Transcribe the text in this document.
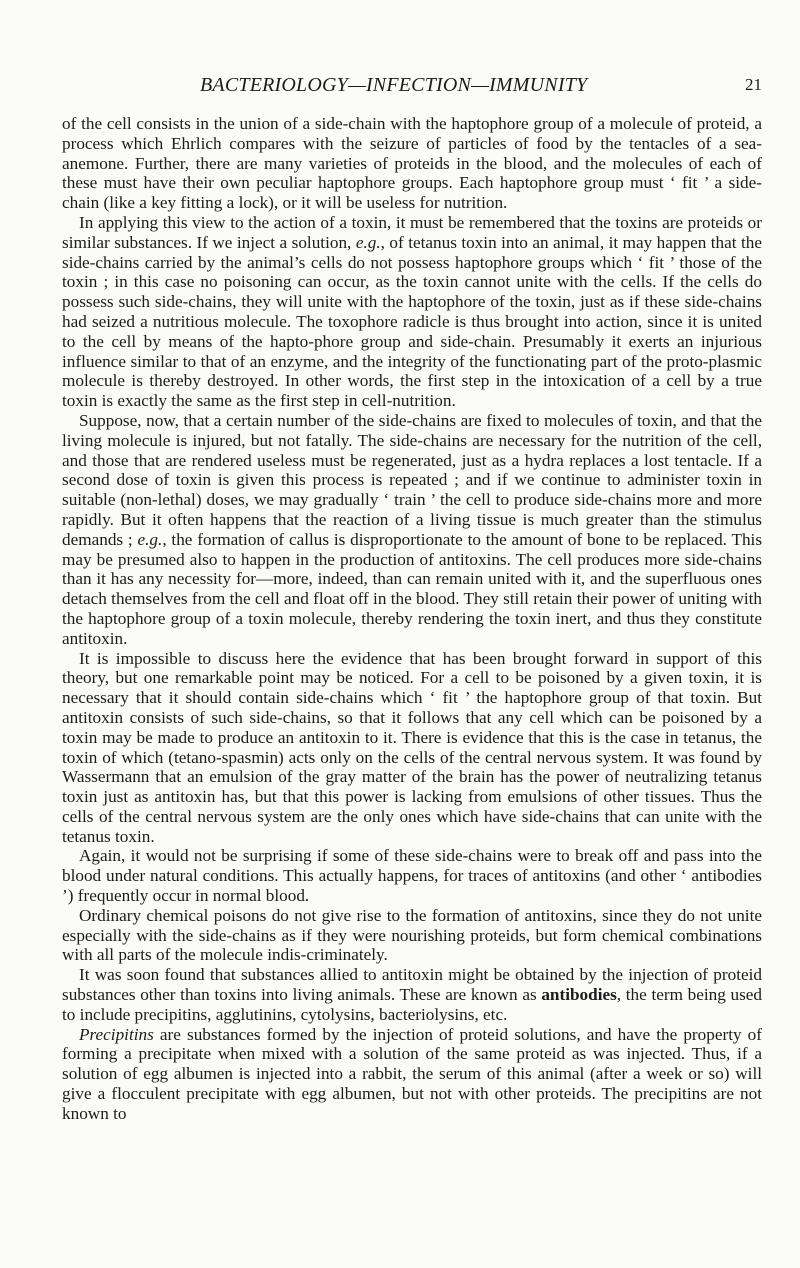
BACTERIOLOGY—INFECTION—IMMUNITY	21

of the cell consists in the union of a side-chain with the haptophore group of a molecule of proteid, a process which Ehrlich compares with the seizure of particles of food by the tentacles of a sea-anemone. Further, there are many varieties of proteids in the blood, and the molecules of each of these must have their own peculiar haptophore groups. Each haptophore group must ‘ fit ’ a side-chain (like a key fitting a lock), or it will be useless for nutrition.

In applying this view to the action of a toxin, it must be remembered that the toxins are proteids or similar substances. If we inject a solution, e.g., of tetanus toxin into an animal, it may happen that the side-chains carried by the animal’s cells do not possess haptophore groups which ‘ fit ’ those of the toxin ; in this case no poisoning can occur, as the toxin cannot unite with the cells. If the cells do possess such side-chains, they will unite with the haptophore of the toxin, just as if these side-chains had seized a nutritious molecule. The toxophore radicle is thus brought into action, since it is united to the cell by means of the hapto-phore group and side-chain. Presumably it exerts an injurious influence similar to that of an enzyme, and the integrity of the functionating part of the proto-plasmic molecule is thereby destroyed. In other words, the first step in the intoxication of a cell by a true toxin is exactly the same as the first step in cell-nutrition.

Suppose, now, that a certain number of the side-chains are fixed to molecules of toxin, and that the living molecule is injured, but not fatally. The side-chains are necessary for the nutrition of the cell, and those that are rendered useless must be regenerated, just as a hydra replaces a lost tentacle. If a second dose of toxin is given this process is repeated ; and if we continue to administer toxin in suitable (non-lethal) doses, we may gradually ‘ train ’ the cell to produce side-chains more and more rapidly. But it often happens that the reaction of a living tissue is much greater than the stimulus demands ; e.g., the formation of callus is disproportionate to the amount of bone to be replaced. This may be presumed also to happen in the production of antitoxins. The cell produces more side-chains than it has any necessity for—more, indeed, than can remain united with it, and the superfluous ones detach themselves from the cell and float off in the blood. They still retain their power of uniting with the haptophore group of a toxin molecule, thereby rendering the toxin inert, and thus they constitute antitoxin.

It is impossible to discuss here the evidence that has been brought forward in support of this theory, but one remarkable point may be noticed. For a cell to be poisoned by a given toxin, it is necessary that it should contain side-chains which ‘ fit ’ the haptophore group of that toxin. But antitoxin consists of such side-chains, so that it follows that any cell which can be poisoned by a toxin may be made to produce an antitoxin to it. There is evidence that this is the case in tetanus, the toxin of which (tetano-spasmin) acts only on the cells of the central nervous system. It was found by Wassermann that an emulsion of the gray matter of the brain has the power of neutralizing tetanus toxin just as antitoxin has, but that this power is lacking from emulsions of other tissues. Thus the cells of the central nervous system are the only ones which have side-chains that can unite with the tetanus toxin.

Again, it would not be surprising if some of these side-chains were to break off and pass into the blood under natural conditions. This actually happens, for traces of antitoxins (and other ‘ antibodies ’) frequently occur in normal blood.

Ordinary chemical poisons do not give rise to the formation of antitoxins, since they do not unite especially with the side-chains as if they were nourishing proteids, but form chemical combinations with all parts of the molecule indis-criminately.

It was soon found that substances allied to antitoxin might be obtained by the injection of proteid substances other than toxins into living animals. These are known as antibodies, the term being used to include precipitins, agglutinins, cytolysins, bacteriolysins, etc.

Precipitins are substances formed by the injection of proteid solutions, and have the property of forming a precipitate when mixed with a solution of the same proteid as was injected. Thus, if a solution of egg albumen is injected into a rabbit, the serum of this animal (after a week or so) will give a flocculent precipitate with egg albumen, but not with other proteids. The precipitins are not known to
